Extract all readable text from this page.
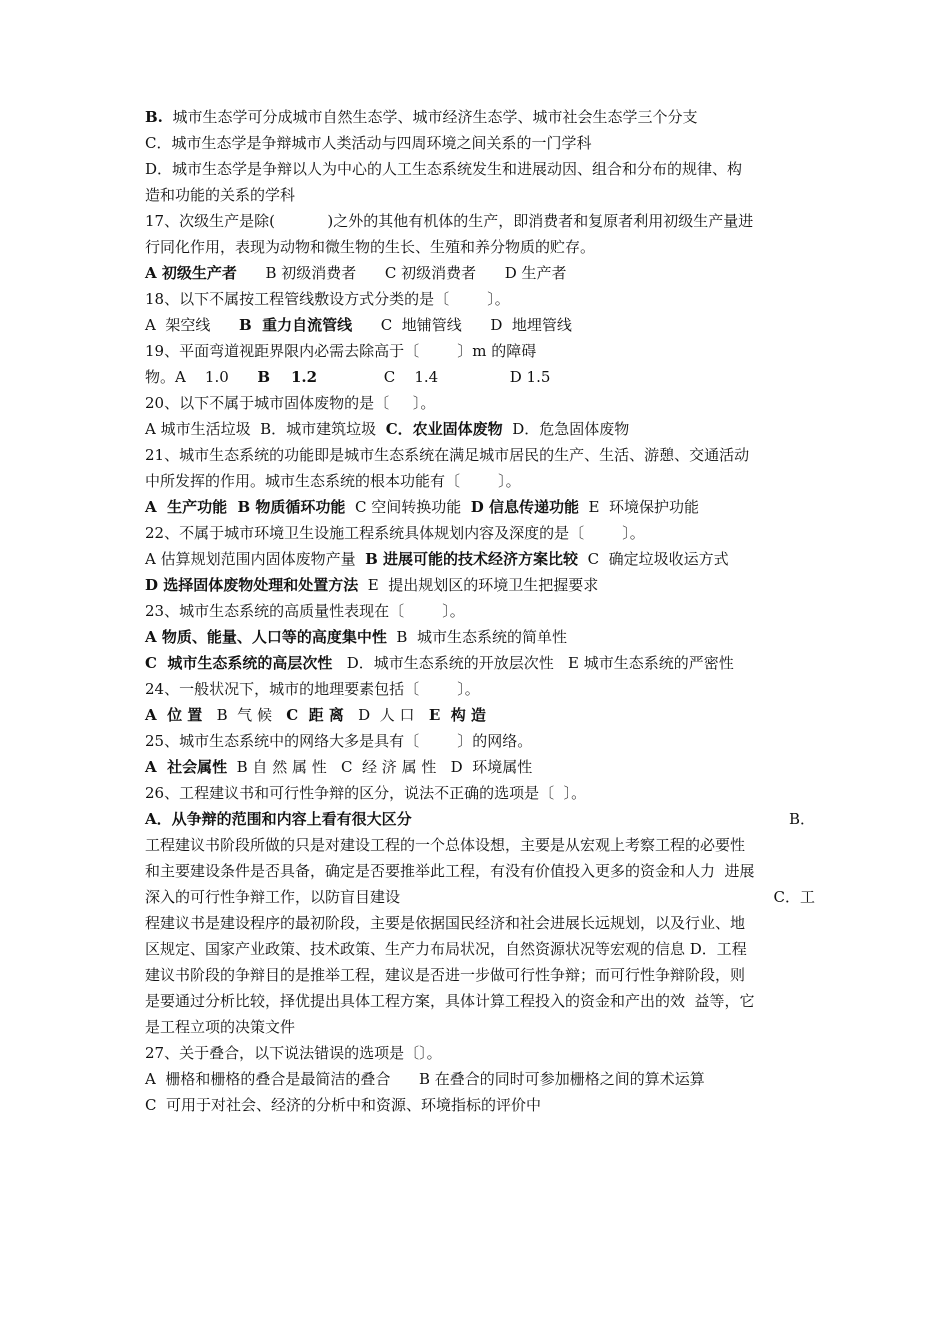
B.  城市生态学可分成城市自然生态学、城市经济生态学、城市社会生态学三个分支
C．城市生态学是争辩城市人类活动与四周环境之间关系的一门学科
D．城市生态学是争辩以人为中心的人工生态系统发生和进展动因、组合和分布的规律、构
造和功能的关系的学科
17、次级生产是除(           )之外的其他有机体的生产，即消费者和复原者利用初级生产量进
行同化作用，表现为动物和微生物的生长、生殖和养分物质的贮存。
A 初级生产者      B 初级消费者      C 初级消费者      D 生产者
18、以下不属按工程管线敷设方式分类的是〔        〕。
A  架空线      B  重力自流管线      C  地铺管线      D  地埋管线
19、平面弯道视距界限内必需去除高于〔        〕m 的障碍
物。A    1.0      B    1.2              C    1.4               D 1.5
20、以下不属于城市固体废物的是〔     〕。
A 城市生活垃圾  B．城市建筑垃圾  C．农业固体废物  D．危急固体废物
21、城市生态系统的功能即是城市生态系统在满足城市居民的生产、生活、游憩、交通活动
中所发挥的作用。城市生态系统的根本功能有〔        〕。
A  生产功能  B 物质循环功能  C 空间转换功能  D 信息传递功能  E  环境保护功能
22、不属于城市环境卫生设施工程系统具体规划内容及深度的是〔        〕。
A 估算规划范围内固体废物产量  B 进展可能的技术经济方案比较  C  确定垃圾收运方式
D 选择固体废物处理和处置方法  E  提出规划区的环境卫生把握要求
23、城市生态系统的高质量性表现在〔        〕。
A 物质、能量、人口等的高度集中性  B  城市生态系统的简单性
C  城市生态系统的高层次性   D．城市生态系统的开放层次性   E 城市生态系统的严密性
24、一般状况下，城市的地理要素包括〔        〕。
A  位 置   B  气 候   C  距 离   D  人 口   E  构 造
25、城市生态系统中的网络大多是具有〔        〕的网络。
A  社会属性  B 自 然 属 性   C  经 济 属 性   D  环境属性
26、工程建议书和可行性争辩的区分，说法不正确的选项是〔  〕。
A．从争辩的范围和内容上看有很大区分	B．
工程建议书阶段所做的只是对建设工程的一个总体设想，主要是从宏观上考察工程的必要性
和主要建设条件是否具备，确定是否要推举此工程，有没有价值投入更多的资金和人力  进展
深入的可行性争辩工作，以防盲目建设	C．工
程建议书是建设程序的最初阶段，主要是依据国民经济和社会进展长远规划，以及行业、地
区规定、国家产业政策、技术政策、生产力布局状况，自然资源状况等宏观的信息 D．工程
建议书阶段的争辩目的是推举工程，建议是否进一步做可行性争辩；而可行性争辩阶段，则
是要通过分析比较，择优提出具体工程方案，具体计算工程投入的资金和产出的效  益等，它
是工程立项的决策文件
27、关于叠合，以下说法错误的选项是〔〕。
A  栅格和栅格的叠合是最简洁的叠合      B 在叠合的同时可参加栅格之间的算术运算
C  可用于对社会、经济的分析中和资源、环境指标的评价中
